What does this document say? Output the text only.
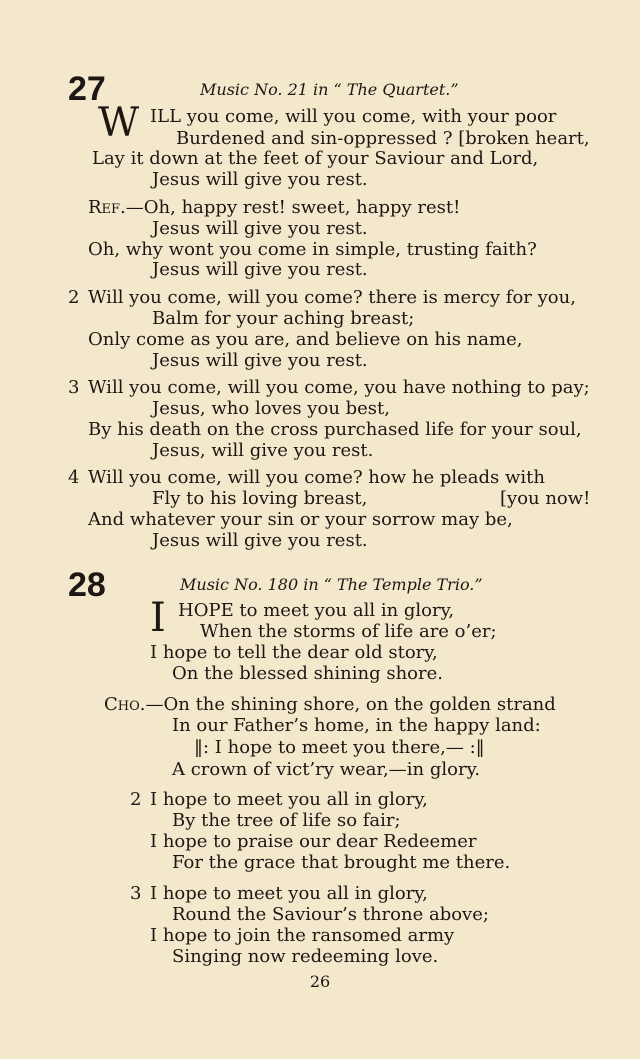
27	Music No. 21 in “ The Quartet.”
W ILL you come, will you come, with your poor
Burdened and sin-oppressed ? [broken heart,
Lay it down at the feet of your Saviour and Lord,
Jesus will give you rest.
Ref.—Oh, happy rest! sweet, happy rest!
Jesus will give you rest.
Oh, why wont you come in simple, trusting faith?
Jesus will give you rest.
2 Will you come, will you come? there is mercy for you,
Balm for your aching breast;
Only come as you are, and believe on his name,
Jesus will give you rest.
3 Will you come, will you come, you have nothing to pay;
Jesus, who loves you best,
By his death on the cross purchased life for your soul,
Jesus, will give you rest.
4 Will you come, will you come? how he pleads with
Fly to his loving breast,	[you now!
And whatever your sin or your sorrow may be,
Jesus will give you rest.
28	Music No. 180 in “ The Temple Trio.”
I HOPE to meet you all in glory,
When the storms of life are o’er;
I hope to tell the dear old story,
On the blessed shining shore.
Cho.—On the shining shore, on the golden strand
In our Father’s home, in the happy land:
‖: I hope to meet you there,— :‖
A crown of vict’ry wear,—in glory.
2 I hope to meet you all in glory,
By the tree of life so fair;
I hope to praise our dear Redeemer
For the grace that brought me there.
3 I hope to meet you all in glory,
Round the Saviour’s throne above;
I hope to join the ransomed army
Singing now redeeming love.
26
